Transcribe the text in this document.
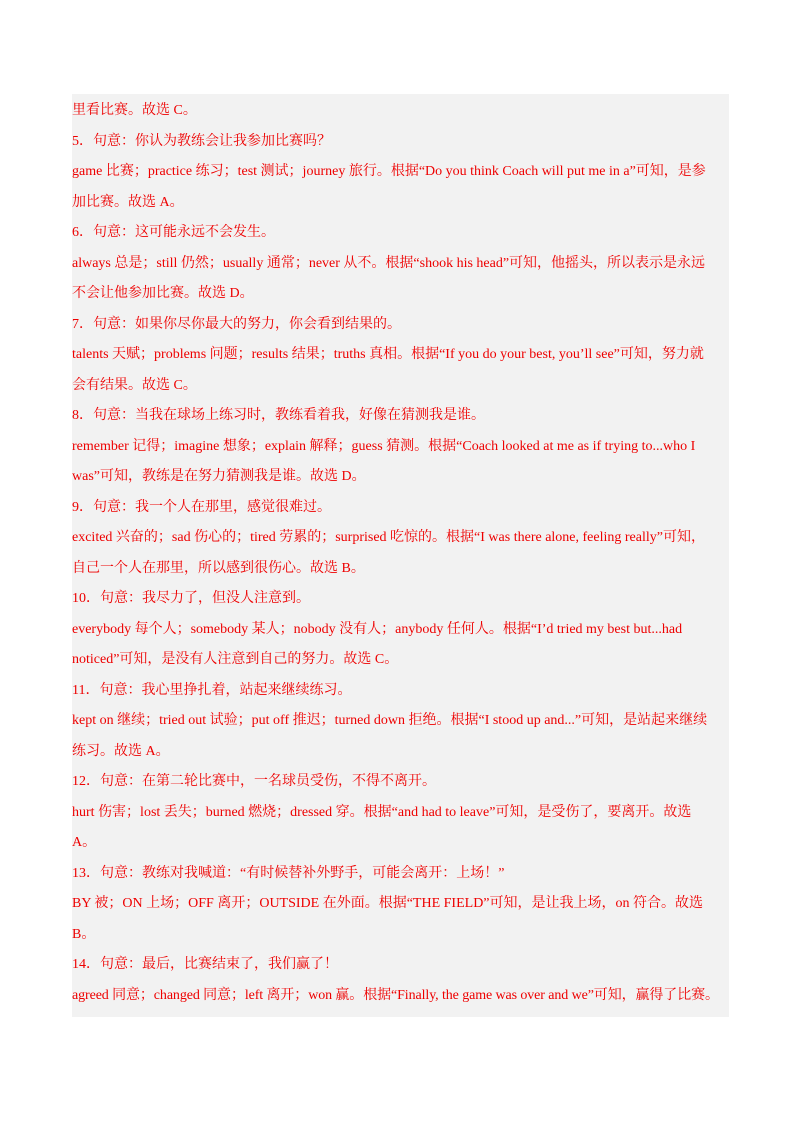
里看比赛。故选 C。
5．句意：你认为教练会让我参加比赛吗？
game 比赛；practice 练习；test 测试；journey 旅行。根据“Do you think Coach will put me in a”可知，是参
加比赛。故选 A。
6．句意：这可能永远不会发生。
always 总是；still 仍然；usually 通常；never 从不。根据“shook his head”可知，他摇头，所以表示是永远
不会让他参加比赛。故选 D。
7．句意：如果你尽你最大的努力，你会看到结果的。
talents 天赋；problems 问题；results 结果；truths 真相。根据“If you do your best, you’ll see”可知，努力就
会有结果。故选 C。
8．句意：当我在球场上练习时，教练看着我，好像在猜测我是谁。
remember 记得；imagine 想象；explain 解释；guess 猜测。根据“Coach looked at me as if trying to...who I
was”可知，教练是在努力猜测我是谁。故选 D。
9．句意：我一个人在那里，感觉很难过。
excited 兴奋的；sad 伤心的；tired 劳累的；surprised 吃惊的。根据“I was there alone, feeling really”可知，
自己一个人在那里，所以感到很伤心。故选 B。
10．句意：我尽力了，但没人注意到。
everybody 每个人；somebody 某人；nobody 没有人；anybody 任何人。根据“I’d tried my best but...had
noticed”可知，是没有人注意到自己的努力。故选 C。
11．句意：我心里挣扎着，站起来继续练习。
kept on 继续；tried out 试验；put off 推迟；turned down 拒绝。根据“I stood up and...”可知，是站起来继续
练习。故选 A。
12．句意：在第二轮比赛中，一名球员受伤，不得不离开。
hurt 伤害；lost 丢失；burned 燃烧；dressed 穿。根据“and had to leave”可知，是受伤了，要离开。故选
A。
13．句意：教练对我喊道：“有时候替补外野手，可能会离开：上场！”
BY 被；ON 上场；OFF 离开；OUTSIDE 在外面。根据“THE FIELD”可知，是让我上场，on 符合。故选
B。
14．句意：最后，比赛结束了，我们赢了！
agreed 同意；changed 同意；left 离开；won 赢。根据“Finally, the game was over and we”可知，赢得了比赛。
